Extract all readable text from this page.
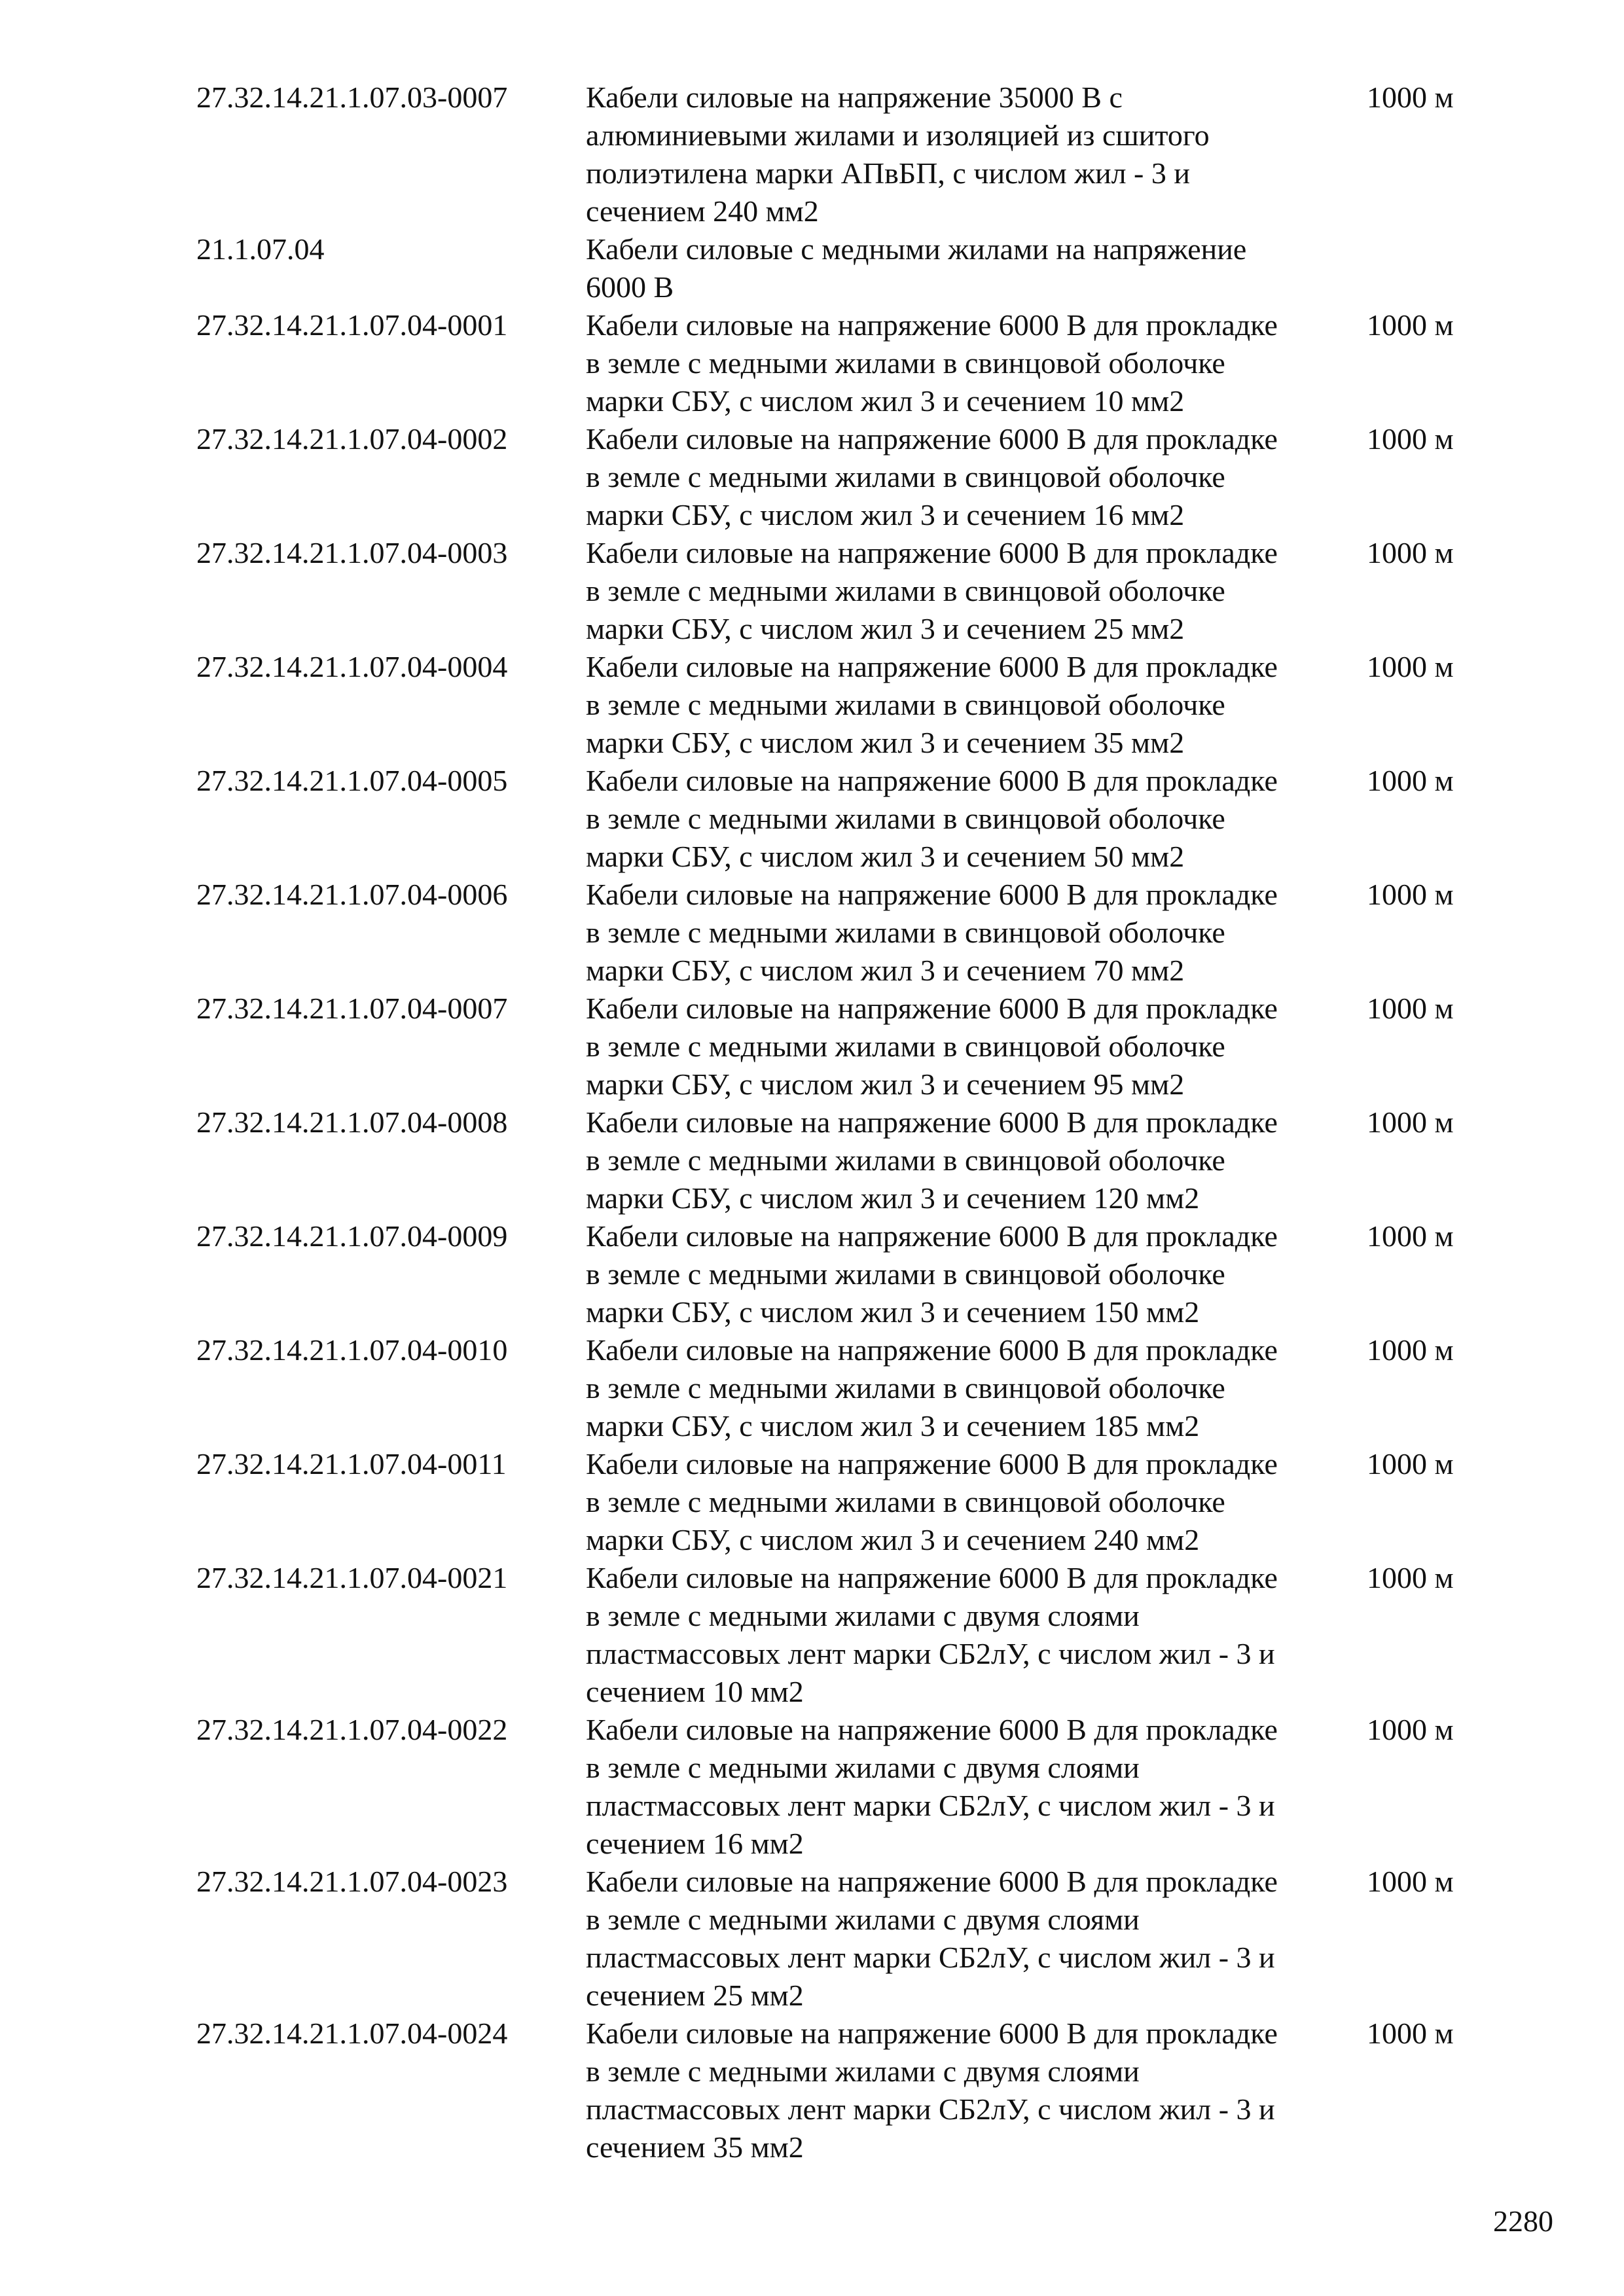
27.32.14.21.1.07.03-0007	Кабели силовые на напряжение 35000 В с
алюминиевыми жилами и изоляцией из сшитого
полиэтилена марки АПвБП, с числом жил - 3 и
сечением 240 мм2
1000 м
21.1.07.04	Кабели силовые с медными жилами на напряжение
6000 В
27.32.14.21.1.07.04-0001	Кабели силовые на напряжение 6000 В для прокладке
в земле с медными жилами в свинцовой оболочке
марки СБУ, с числом жил 3 и сечением 10 мм2
1000 м
27.32.14.21.1.07.04-0002	Кабели силовые на напряжение 6000 В для прокладке
в земле с медными жилами в свинцовой оболочке
марки СБУ, с числом жил 3 и сечением 16 мм2
1000 м
27.32.14.21.1.07.04-0003	Кабели силовые на напряжение 6000 В для прокладке
в земле с медными жилами в свинцовой оболочке
марки СБУ, с числом жил 3 и сечением 25 мм2
1000 м
27.32.14.21.1.07.04-0004	Кабели силовые на напряжение 6000 В для прокладке
в земле с медными жилами в свинцовой оболочке
марки СБУ, с числом жил 3 и сечением 35 мм2
1000 м
27.32.14.21.1.07.04-0005	Кабели силовые на напряжение 6000 В для прокладке
в земле с медными жилами в свинцовой оболочке
марки СБУ, с числом жил 3 и сечением 50 мм2
1000 м
27.32.14.21.1.07.04-0006	Кабели силовые на напряжение 6000 В для прокладке
в земле с медными жилами в свинцовой оболочке
марки СБУ, с числом жил 3 и сечением 70 мм2
1000 м
27.32.14.21.1.07.04-0007	Кабели силовые на напряжение 6000 В для прокладке
в земле с медными жилами в свинцовой оболочке
марки СБУ, с числом жил 3 и сечением 95 мм2
1000 м
27.32.14.21.1.07.04-0008	Кабели силовые на напряжение 6000 В для прокладке
в земле с медными жилами в свинцовой оболочке
марки СБУ, с числом жил 3 и сечением 120 мм2
1000 м
27.32.14.21.1.07.04-0009	Кабели силовые на напряжение 6000 В для прокладке
в земле с медными жилами в свинцовой оболочке
марки СБУ, с числом жил 3 и сечением 150 мм2
1000 м
27.32.14.21.1.07.04-0010	Кабели силовые на напряжение 6000 В для прокладке
в земле с медными жилами в свинцовой оболочке
марки СБУ, с числом жил 3 и сечением 185 мм2
1000 м
27.32.14.21.1.07.04-0011	Кабели силовые на напряжение 6000 В для прокладке
в земле с медными жилами в свинцовой оболочке
марки СБУ, с числом жил 3 и сечением 240 мм2
1000 м
27.32.14.21.1.07.04-0021	Кабели силовые на напряжение 6000 В для прокладке
в земле с медными жилами с двумя слоями
пластмассовых лент марки СБ2лУ, с числом жил - 3 и
сечением 10 мм2
1000 м
27.32.14.21.1.07.04-0022	Кабели силовые на напряжение 6000 В для прокладке
в земле с медными жилами с двумя слоями
пластмассовых лент марки СБ2лУ, с числом жил - 3 и
сечением 16 мм2
1000 м
27.32.14.21.1.07.04-0023	Кабели силовые на напряжение 6000 В для прокладке
в земле с медными жилами с двумя слоями
пластмассовых лент марки СБ2лУ, с числом жил - 3 и
сечением 25 мм2
1000 м
27.32.14.21.1.07.04-0024	Кабели силовые на напряжение 6000 В для прокладке
в земле с медными жилами с двумя слоями
пластмассовых лент марки СБ2лУ, с числом жил - 3 и
сечением 35 мм2
1000 м
2280
